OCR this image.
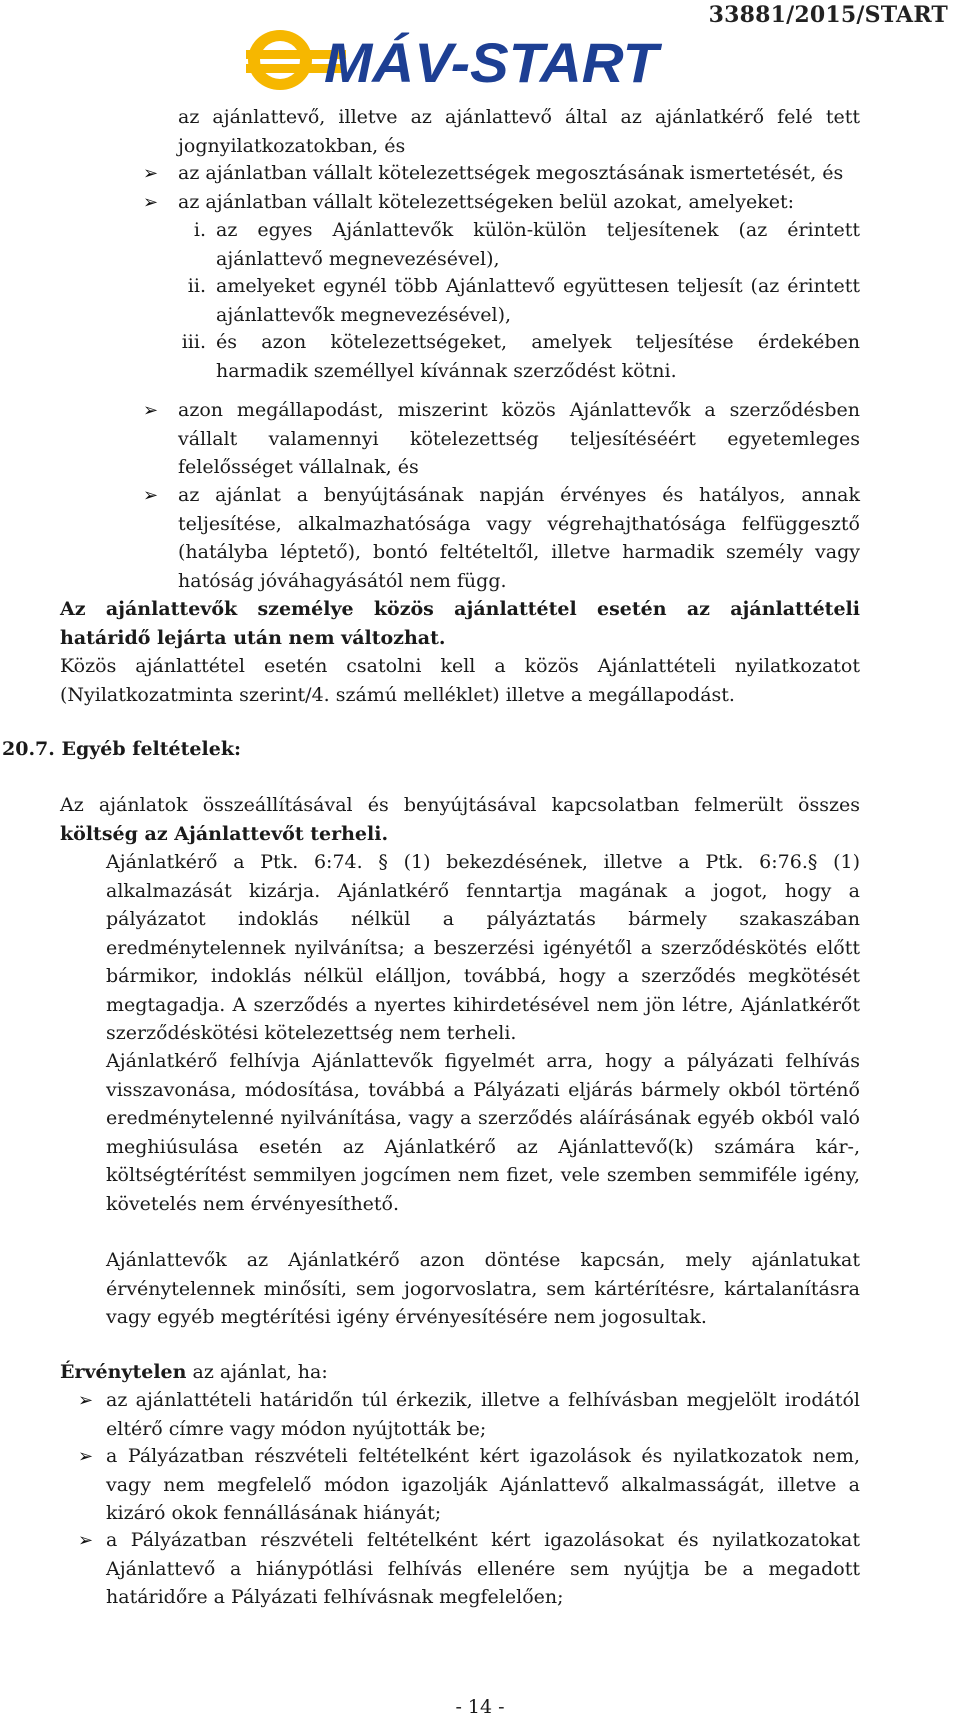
33881/2015/START
MÁV-START

az ajánlattevő, illetve az ajánlattevő által az ajánlatkérő felé tett jognyilatkozatokban, és

➢ az ajánlatban vállalt kötelezettségek megosztásának ismertetését, és

➢ az ajánlatban vállalt kötelezettségeken belül azokat, amelyeket:

i. az egyes Ajánlattevők külön-külön teljesítenek (az érintett ajánlattevő megnevezésével),

ii. amelyeket egynél több Ajánlattevő együttesen teljesít (az érintett ajánlattevők megnevezésével),

iii. és azon kötelezettségeket, amelyek teljesítése érdekében harmadik személlyel kívánnak szerződést kötni.

➢ azon megállapodást, miszerint közös Ajánlattevők a szerződésben vállalt valamennyi kötelezettség teljesítéséért egyetemleges felelősséget vállalnak, és

➢ az ajánlat a benyújtásának napján érvényes és hatályos, annak teljesítése, alkalmazhatósága vagy végrehajthatósága felfüggesztő (hatályba léptető), bontó feltételtől, illetve harmadik személy vagy hatóság jóváhagyásától nem függ.

Az ajánlattevők személye közös ajánlattétel esetén az ajánlattételi határidő lejárta után nem változhat.

Közös ajánlattétel esetén csatolni kell a közös Ajánlattételi nyilatkozatot (Nyilatkozatminta szerint/4. számú melléklet) illetve a megállapodást.

20.7. Egyéb feltételek:

Az ajánlatok összeállításával és benyújtásával kapcsolatban felmerült összes költség az Ajánlattevőt terheli.

Ajánlatkérő a Ptk. 6:74. § (1) bekezdésének, illetve a Ptk. 6:76.§ (1) alkalmazását kizárja. Ajánlatkérő fenntartja magának a jogot, hogy a pályázatot indoklás nélkül a pályáztatás bármely szakaszában eredménytelennek nyilvánítsa; a beszerzési igényétől a szerződéskötés előtt bármikor, indoklás nélkül elálljon, továbbá, hogy a szerződés megkötését megtagadja. A szerződés a nyertes kihirdetésével nem jön létre, Ajánlatkérőt szerződéskötési kötelezettség nem terheli.

Ajánlatkérő felhívja Ajánlattevők figyelmét arra, hogy a pályázati felhívás visszavonása, módosítása, továbbá a Pályázati eljárás bármely okból történő eredménytelenné nyilvánítása, vagy a szerződés aláírásának egyéb okból való meghiúsulása esetén az Ajánlatkérő az Ajánlattevő(k) számára kár-, költségtérítést semmilyen jogcímen nem fizet, vele szemben semmiféle igény, követelés nem érvényesíthető.

Ajánlattevők az Ajánlatkérő azon döntése kapcsán, mely ajánlatukat érvénytelennek minősíti, sem jogorvoslatra, sem kártérítésre, kártalanításra vagy egyéb megtérítési igény érvényesítésére nem jogosultak.

Érvénytelen az ajánlat, ha:

➢ az ajánlattételi határidőn túl érkezik, illetve a felhívásban megjelölt irodától eltérő címre vagy módon nyújtották be;

➢ a Pályázatban részvételi feltételként kért igazolások és nyilatkozatok nem, vagy nem megfelelő módon igazolják Ajánlattevő alkalmasságát, illetve a kizáró okok fennállásának hiányát;

➢ a Pályázatban részvételi feltételként kért igazolásokat és nyilatkozatokat Ajánlattevő a hiánypótlási felhívás ellenére sem nyújtja be a megadott határidőre a Pályázati felhívásnak megfelelően;

- 14 -
